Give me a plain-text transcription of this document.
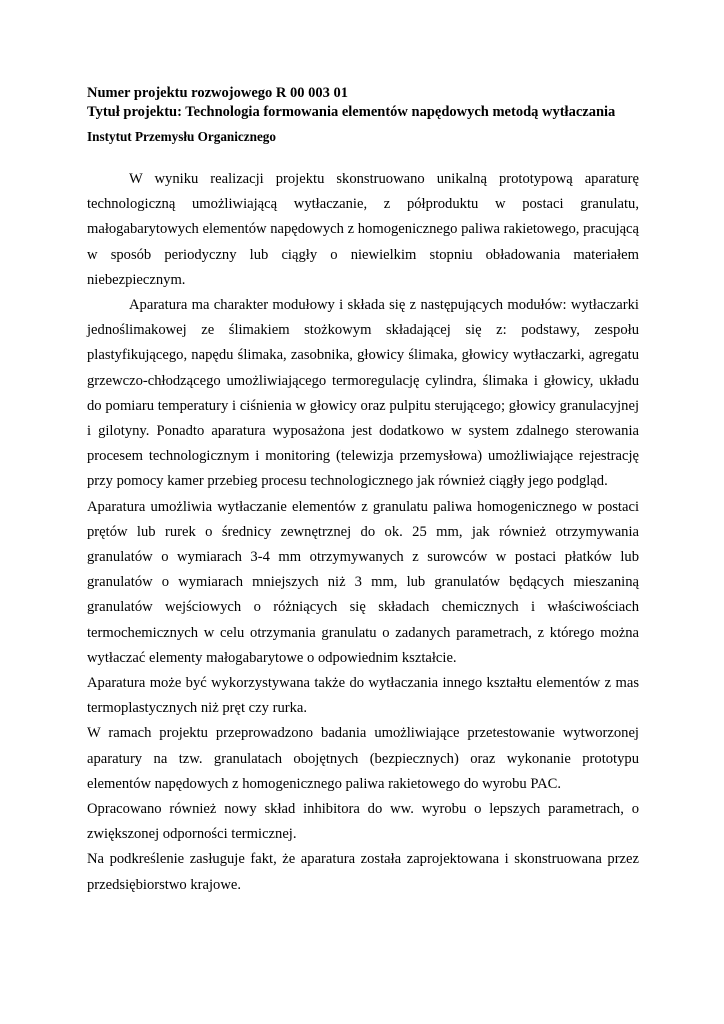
Numer projektu rozwojowego R 00 003 01

Tytuł projektu: Technologia formowania elementów napędowych metodą wytłaczania

Instytut Przemysłu Organicznego

W wyniku realizacji projektu skonstruowano unikalną prototypową aparaturę technologiczną umożliwiającą wytłaczanie, z półproduktu w postaci granulatu, małogabarytowych elementów napędowych z homogenicznego paliwa rakietowego, pracującą w sposób periodyczny lub ciągły o niewielkim stopniu obładowania materiałem niebezpiecznym.

Aparatura ma charakter modułowy i składa się z następujących modułów: wytłaczarki jednoślimakowej ze ślimakiem stożkowym składającej się z: podstawy, zespołu plastyfikującego, napędu ślimaka, zasobnika, głowicy ślimaka, głowicy wytłaczarki, agregatu grzewczo-chłodzącego umożliwiającego termoregulację cylindra, ślimaka i głowicy, układu do pomiaru temperatury i ciśnienia w głowicy oraz pulpitu sterującego; głowicy granulacyjnej i gilotyny. Ponadto aparatura wyposażona jest dodatkowo w system zdalnego sterowania procesem technologicznym i monitoring (telewizja przemysłowa) umożliwiające rejestrację przy pomocy kamer przebieg procesu technologicznego jak również ciągły jego podgląd.

Aparatura umożliwia wytłaczanie elementów z granulatu paliwa homogenicznego w postaci prętów lub rurek o średnicy zewnętrznej do ok. 25 mm, jak również otrzymywania granulatów o wymiarach 3-4 mm otrzymywanych z surowców w postaci płatków lub granulatów o wymiarach mniejszych niż 3 mm, lub granulatów będących mieszaniną granulatów wejściowych o różniących się składach chemicznych i właściwościach termochemicznych w celu otrzymania granulatu o zadanych parametrach, z którego można wytłaczać elementy małogabarytowe o odpowiednim kształcie.

Aparatura może być wykorzystywana także do wytłaczania innego kształtu elementów z mas termoplastycznych niż pręt czy rurka.

W ramach projektu przeprowadzono badania umożliwiające przetestowanie wytworzonej aparatury na tzw. granulatach obojętnych (bezpiecznych) oraz wykonanie prototypu elementów napędowych z homogenicznego paliwa rakietowego do wyrobu PAC.

Opracowano również nowy skład inhibitora do ww. wyrobu o lepszych parametrach, o zwiększonej odporności termicznej.

Na podkreślenie zasługuje fakt, że aparatura została zaprojektowana i skonstruowana przez przedsiębiorstwo krajowe.
